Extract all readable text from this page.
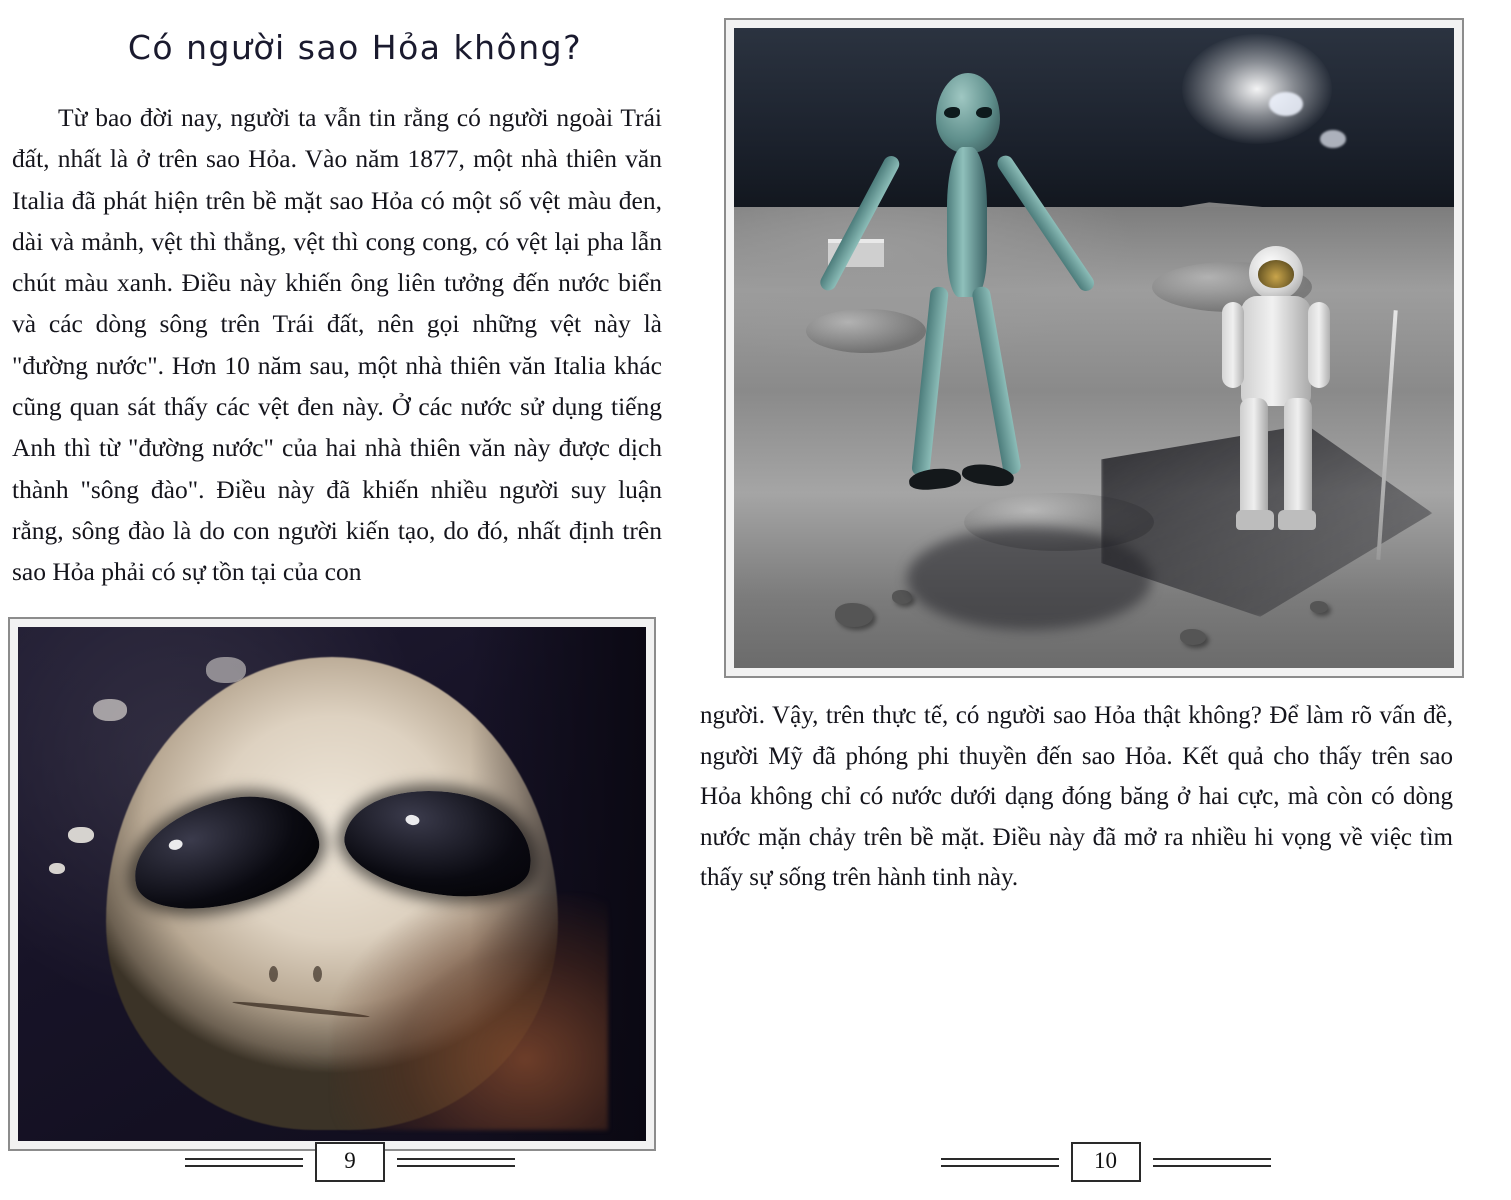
Có người sao Hỏa không?

Từ bao đời nay, người ta vẫn tin rằng có người ngoài Trái đất, nhất là ở trên sao Hỏa. Vào năm 1877, một nhà thiên văn Italia đã phát hiện trên bề mặt sao Hỏa có một số vệt màu đen, dài và mảnh, vệt thì thẳng, vệt thì cong cong, có vệt lại pha lẫn chút màu xanh. Điều này khiến ông liên tưởng đến nước biển và các dòng sông trên Trái đất, nên gọi những vệt này là "đường nước". Hơn 10 năm sau, một nhà thiên văn Italia khác cũng quan sát thấy các vệt đen này. Ở các nước sử dụng tiếng Anh thì từ "đường nước" của hai nhà thiên văn này được dịch thành "sông đào". Điều này đã khiến nhiều người suy luận rằng, sông đào là do con người kiến tạo, do đó, nhất định trên sao Hỏa phải có sự tồn tại của con

9

người. Vậy, trên thực tế, có người sao Hỏa thật không? Để làm rõ vấn đề, người Mỹ đã phóng phi thuyền đến sao Hỏa. Kết quả cho thấy trên sao Hỏa không chỉ có nước dưới dạng đóng băng ở hai cực, mà còn có dòng nước mặn chảy trên bề mặt. Điều này đã mở ra nhiều hi vọng về việc tìm thấy sự sống trên hành tinh này.

10
